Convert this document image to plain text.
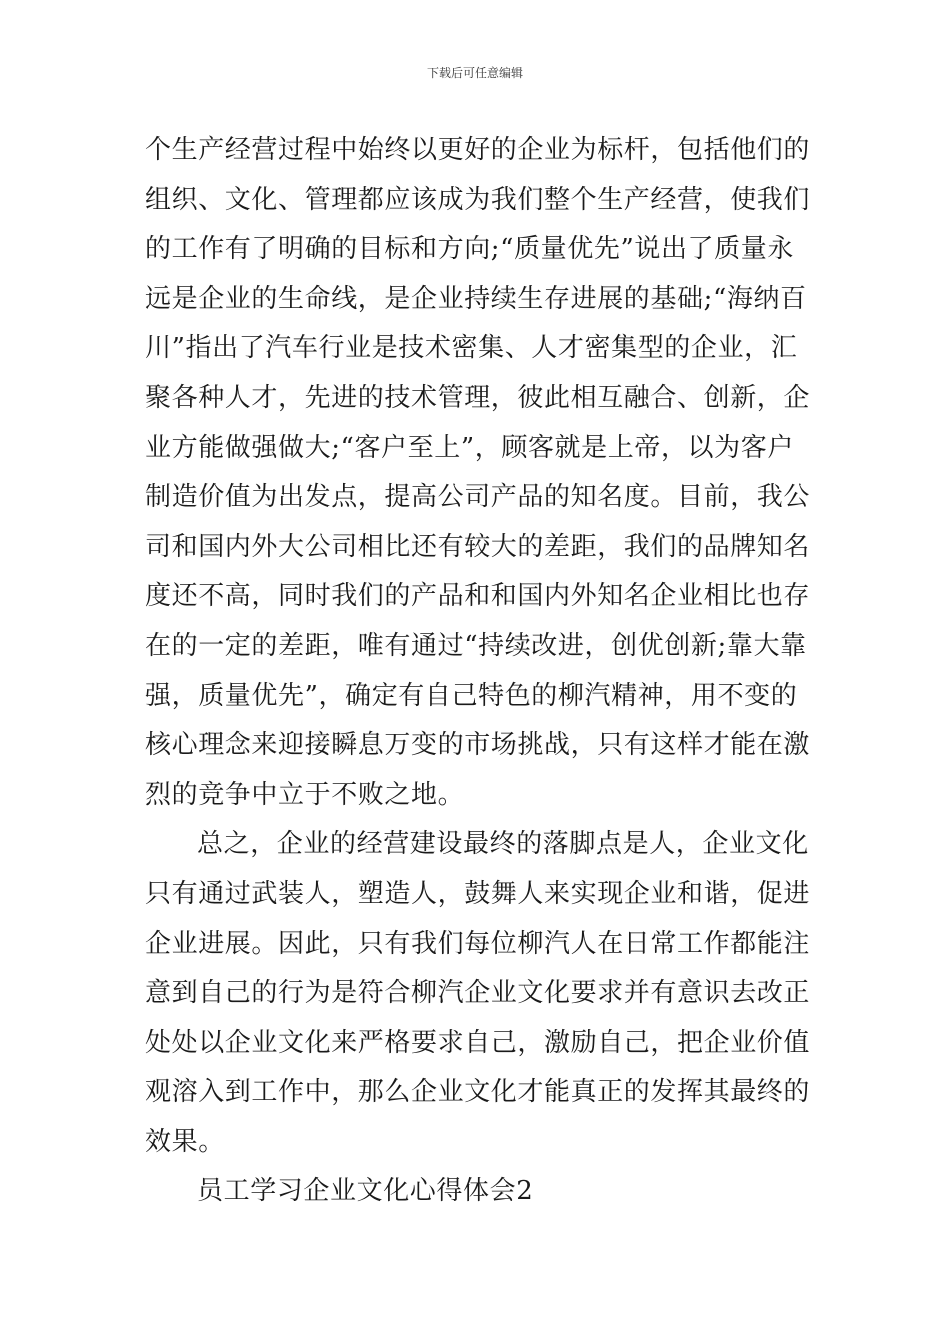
下载后可任意编辑
个生产经营过程中始终以更好的企业为标杆，包括他们的
组织、文化、管理都应该成为我们整个生产经营，使我们
的工作有了明确的目标和方向;“质量优先”说出了质量永
远是企业的生命线，是企业持续生存进展的基础;“海纳百
川”指出了汽车行业是技术密集、人才密集型的企业，汇
聚各种人才，先进的技术管理，彼此相互融合、创新，企
业方能做强做大;“客户至上”，顾客就是上帝，以为客户
制造价值为出发点，提高公司产品的知名度。目前，我公
司和国内外大公司相比还有较大的差距，我们的品牌知名
度还不高，同时我们的产品和和国内外知名企业相比也存
在的一定的差距，唯有通过“持续改进，创优创新;靠大靠
强，质量优先”，确定有自己特色的柳汽精神，用不变的
核心理念来迎接瞬息万变的市场挑战，只有这样才能在激
烈的竞争中立于不败之地。
总之，企业的经营建设最终的落脚点是人，企业文化
只有通过武装人，塑造人，鼓舞人来实现企业和谐，促进
企业进展。因此，只有我们每位柳汽人在日常工作都能注
意到自己的行为是符合柳汽企业文化要求并有意识去改正
处处以企业文化来严格要求自己，激励自己，把企业价值
观溶入到工作中，那么企业文化才能真正的发挥其最终的
效果。
员工学习企业文化心得体会2
